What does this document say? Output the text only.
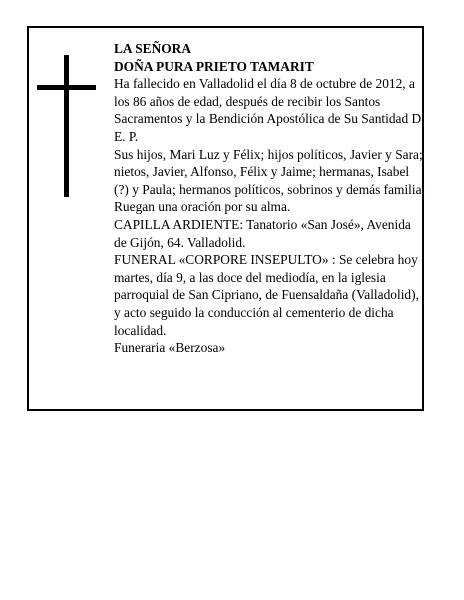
LA SEÑORA

DOÑA PURA PRIETO TAMARIT

Ha fallecido en Valladolid el día 8 de octubre de 2012, a los 86 años de edad, después de recibir los Santos Sacramentos y la Bendición Apostólica de Su Santidad D. E. P.

Sus hijos, Mari Luz y Félix; hijos políticos, Javier y Sara; nietos, Javier, Alfonso, Félix y Jaime; hermanas, Isabel (?) y Paula; hermanos políticos, sobrinos y demás familia:

Ruegan una oración por su alma.

CAPILLA ARDIENTE: Tanatorio «San José», Avenida de Gijón, 64. Valladolid.

FUNERAL «CORPORE INSEPULTO» : Se celebra hoy martes, día 9, a las doce del mediodía, en la iglesia parroquial de San Cipriano, de Fuensaldaña (Valladolid), y acto seguido la conducción al cementerio de dicha localidad.

Funeraria «Berzosa»
